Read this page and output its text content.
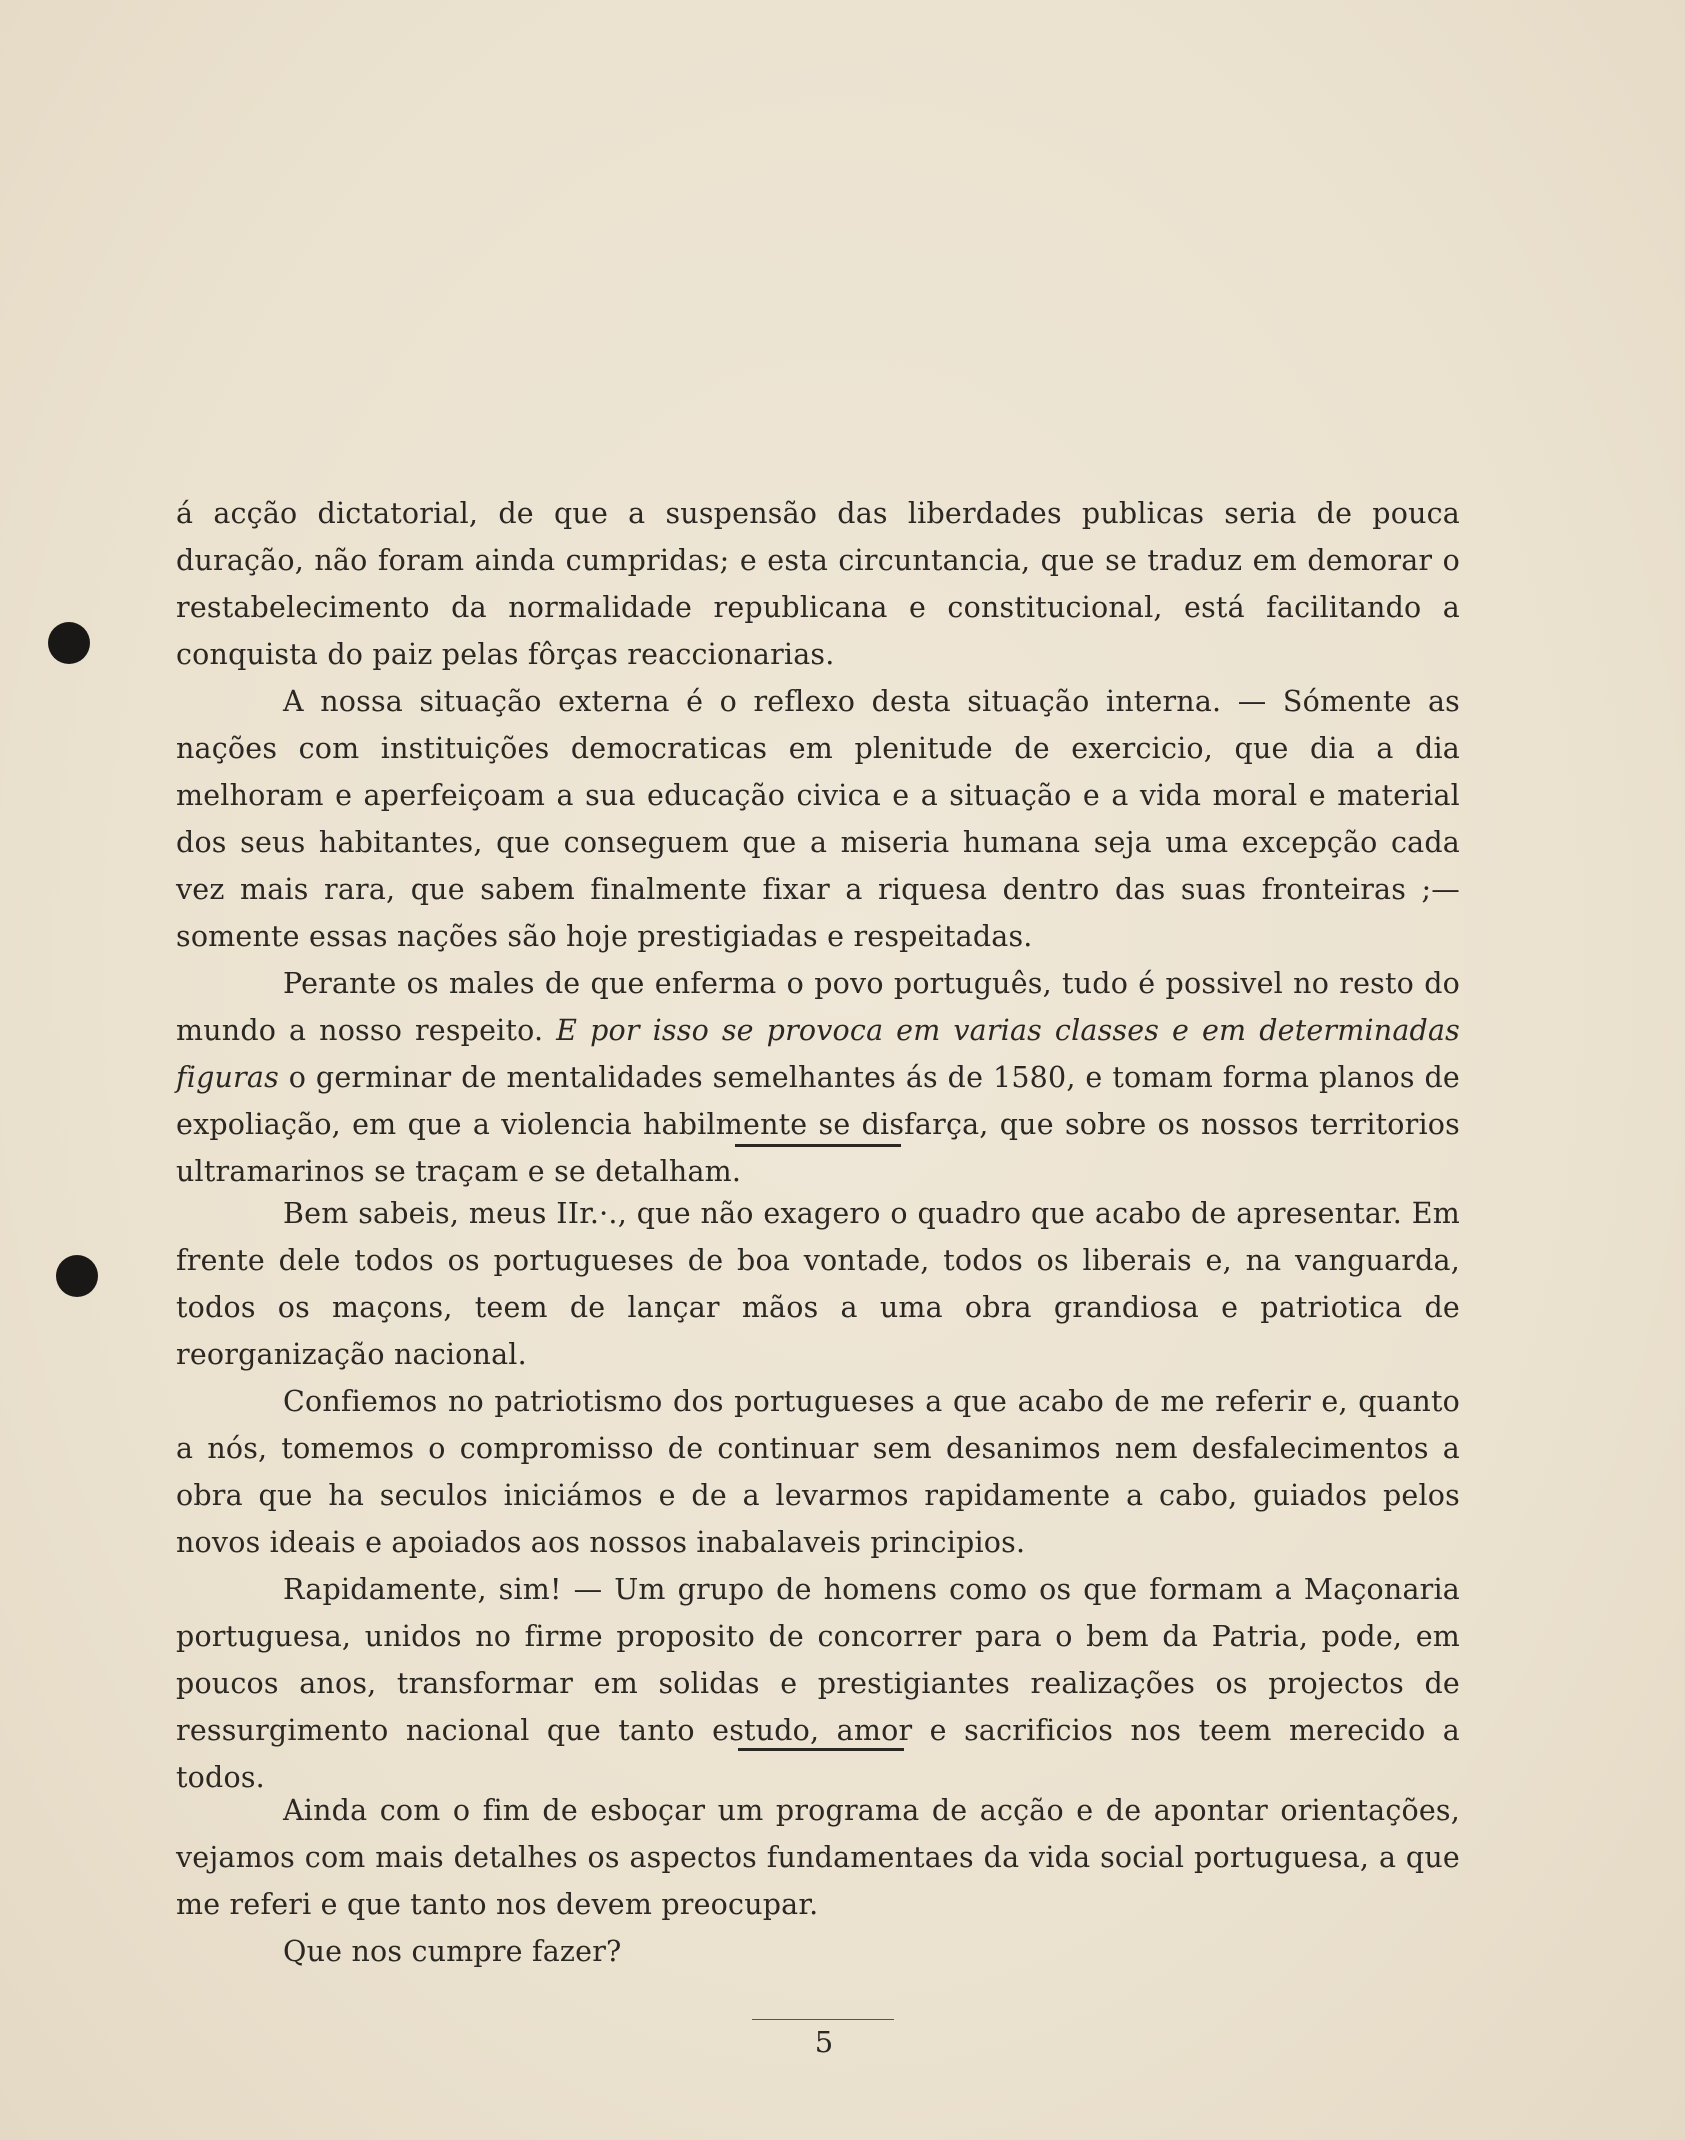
á acção dictatorial, de que a suspensão das liberdades publicas seria de pouca duração, não foram ainda cumpridas; e esta circuntancia, que se traduz em demorar o restabelecimento da normalidade republicana e constitucional, está facilitando a conquista do paiz pelas fôrças reaccionarias.

A nossa situação externa é o reflexo desta situação interna. — Sómente as nações com instituições democraticas em plenitude de exercicio, que dia a dia melhoram e aperfeiçoam a sua educação civica e a situação e a vida moral e material dos seus habitantes, que conseguem que a miseria humana seja uma excepção cada vez mais rara, que sabem finalmente fixar a riquesa dentro das suas fronteiras ;—somente essas nações são hoje prestigiadas e respeitadas.

Perante os males de que enferma o povo português, tudo é possivel no resto do mundo a nosso respeito. E por isso se provoca em varias classes e em determinadas figuras o germinar de mentalidades semelhantes ás de 1580, e tomam forma planos de expoliação, em que a violencia habilmente se disfarça, que sobre os nossos territorios ultramarinos se traçam e se detalham.

Bem sabeis, meus IIr.·., que não exagero o quadro que acabo de apresentar. Em frente dele todos os portugueses de boa vontade, todos os liberais e, na vanguarda, todos os maçons, teem de lançar mãos a uma obra grandiosa e patriotica de reorganização nacional.

Confiemos no patriotismo dos portugueses a que acabo de me referir e, quanto a nós, tomemos o compromisso de continuar sem desanimos nem desfalecimentos a obra que ha seculos iniciámos e de a levarmos rapidamente a cabo, guiados pelos novos ideais e apoiados aos nossos inabalaveis principios.

Rapidamente, sim! — Um grupo de homens como os que formam a Maçonaria portuguesa, unidos no firme proposito de concorrer para o bem da Patria, pode, em poucos anos, transformar em solidas e prestigiantes realizações os projectos de ressurgimento nacional que tanto estudo, amor e sacrificios nos teem merecido a todos.

Ainda com o fim de esboçar um programa de acção e de apontar orientações, vejamos com mais detalhes os aspectos fundamentaes da vida social portuguesa, a que me referi e que tanto nos devem preocupar.

Que nos cumpre fazer?

5
